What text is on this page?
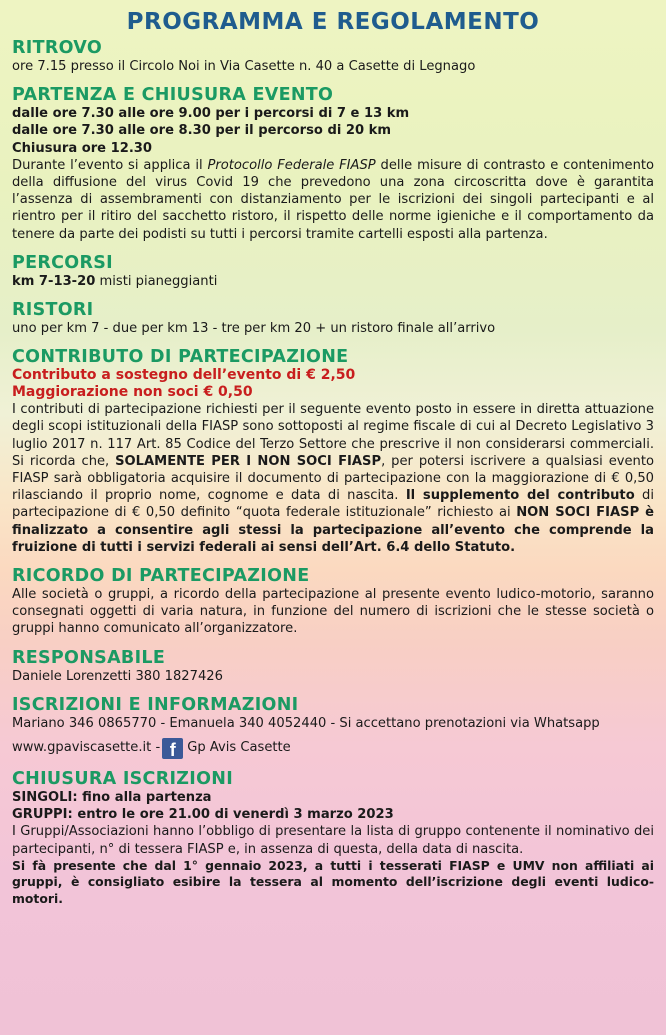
PROGRAMMA E REGOLAMENTO
RITROVO

ore 7.15 presso il Circolo Noi in Via Casette n. 40 a Casette di Legnago

PARTENZA E CHIUSURA EVENTO

dalle ore 7.30 alle ore 9.00 per i percorsi di 7 e 13 km

dalle ore 7.30 alle ore 8.30 per il percorso di 20 km

Chiusura ore 12.30

Durante l’evento si applica il Protocollo Federale FIASP delle misure di contrasto e contenimento della diffusione del virus Covid 19 che prevedono una zona circoscritta dove è garantita l’assenza di assembramenti con distanziamento per le iscrizioni dei singoli partecipanti e al rientro per il ritiro del sacchetto ristoro, il rispetto delle norme igieniche e il comportamento da tenere da parte dei podisti su tutti i percorsi tramite cartelli esposti alla partenza.

PERCORSI

km 7-13-20 misti pianeggianti

RISTORI

uno per km 7 - due per km 13 - tre per km 20 + un ristoro finale all’arrivo

CONTRIBUTO DI PARTECIPAZIONE

Contributo a sostegno dell’evento di € 2,50

Maggiorazione non soci € 0,50

I contributi di partecipazione richiesti per il seguente evento posto in essere in diretta attuazione degli scopi istituzionali della FIASP sono sottoposti al regime fiscale di cui al Decreto Legislativo 3 luglio 2017 n. 117 Art. 85 Codice del Terzo Settore che prescrive il non considerarsi commerciali. Si ricorda che, SOLAMENTE PER I NON SOCI FIASP, per potersi iscrivere a qualsiasi evento FIASP sarà obbligatoria acquisire il documento di partecipazione con la maggiorazione di € 0,50 rilasciando il proprio nome, cognome e data di nascita. Il supplemento del contributo di partecipazione di € 0,50 definito “quota federale istituzionale” richiesto ai NON SOCI FIASP è finalizzato a consentire agli stessi la partecipazione all’evento che comprende la fruizione di tutti i servizi federali ai sensi dell’Art. 6.4 dello Statuto.

RICORDO DI PARTECIPAZIONE

Alle società o gruppi, a ricordo della partecipazione al presente evento ludico-motorio, saranno consegnati oggetti di varia natura, in funzione del numero di iscrizioni che le stesse società o gruppi hanno comunicato all’organizzatore.

RESPONSABILE

Daniele Lorenzetti 380 1827426

ISCRIZIONI E INFORMAZIONI

Mariano 346 0865770 - Emanuela 340 4052440 - Si accettano prenotazioni via Whatsapp

www.gpaviscasette.it - f Gp Avis Casette

CHIUSURA ISCRIZIONI

SINGOLI: fino alla partenza

GRUPPI: entro le ore 21.00 di venerdì 3 marzo 2023

I Gruppi/Associazioni hanno l’obbligo di presentare la lista di gruppo contenente il nominativo dei partecipanti, n° di tessera FIASP e, in assenza di questa, della data di nascita.

Si fà presente che dal 1° gennaio 2023, a tutti i tesserati FIASP e UMV non affiliati ai gruppi, è consigliato esibire la tessera al momento dell’iscrizione degli eventi ludico-motori.
